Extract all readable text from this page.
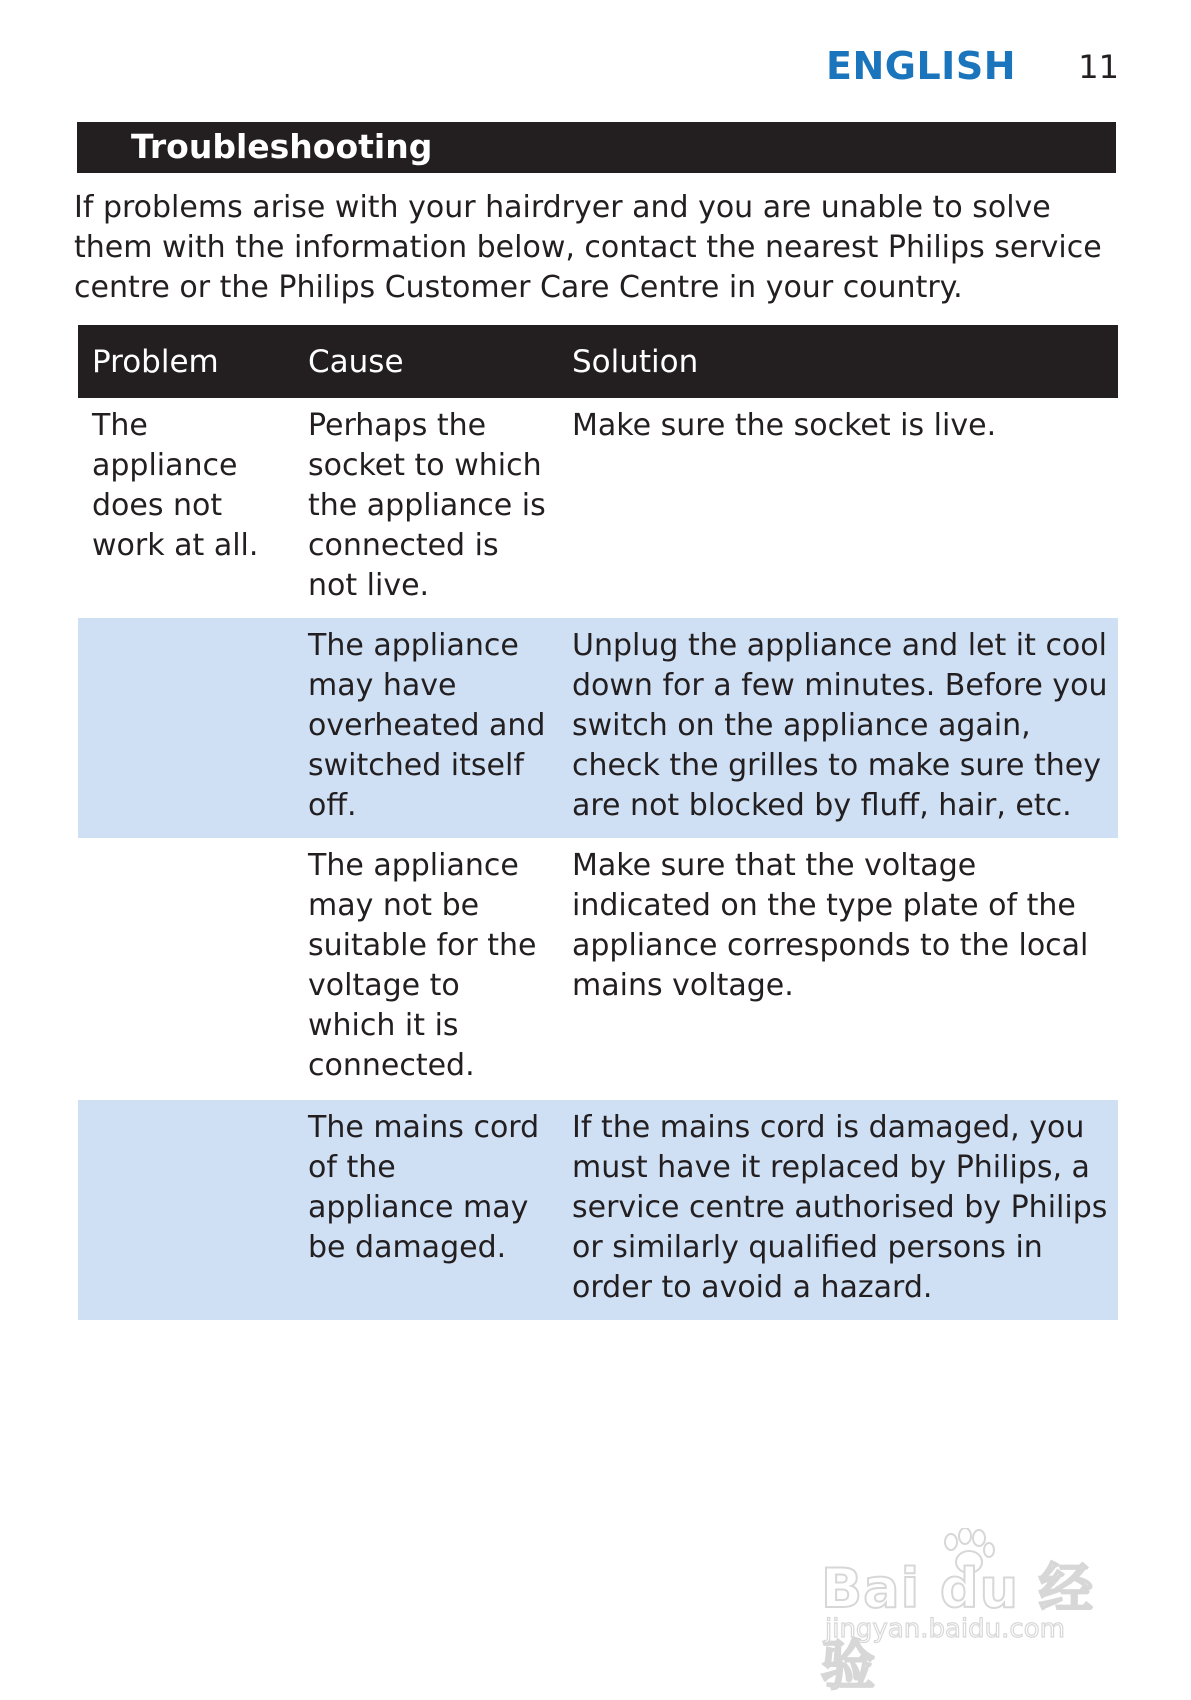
ENGLISH 11
Troubleshooting

If problems arise with your hairdryer and you are unable to solve them with the information below, contact the nearest Philips service centre or the Philips Customer Care Centre in your country.

Problem	Cause	Solution
The appliance does not work at all.	Perhaps the socket to which the appliance is connected is not live.	Make sure the socket is live.
	The appliance may have overheated and switched itself off.	Unplug the appliance and let it cool down for a few minutes. Before you switch on the appliance again, check the grilles to make sure they are not blocked by fluff, hair, etc.
	The appliance may not be suitable for the voltage to which it is connected.	Make sure that the voltage indicated on the type plate of the appliance corresponds to the local mains voltage.
	The mains cord of the appliance may be damaged.	If the mains cord is damaged, you must have it replaced by Philips, a service centre authorised by Philips or similarly qualified persons in order to avoid a hazard.
Bai du 经验
jingyan.baidu.com
